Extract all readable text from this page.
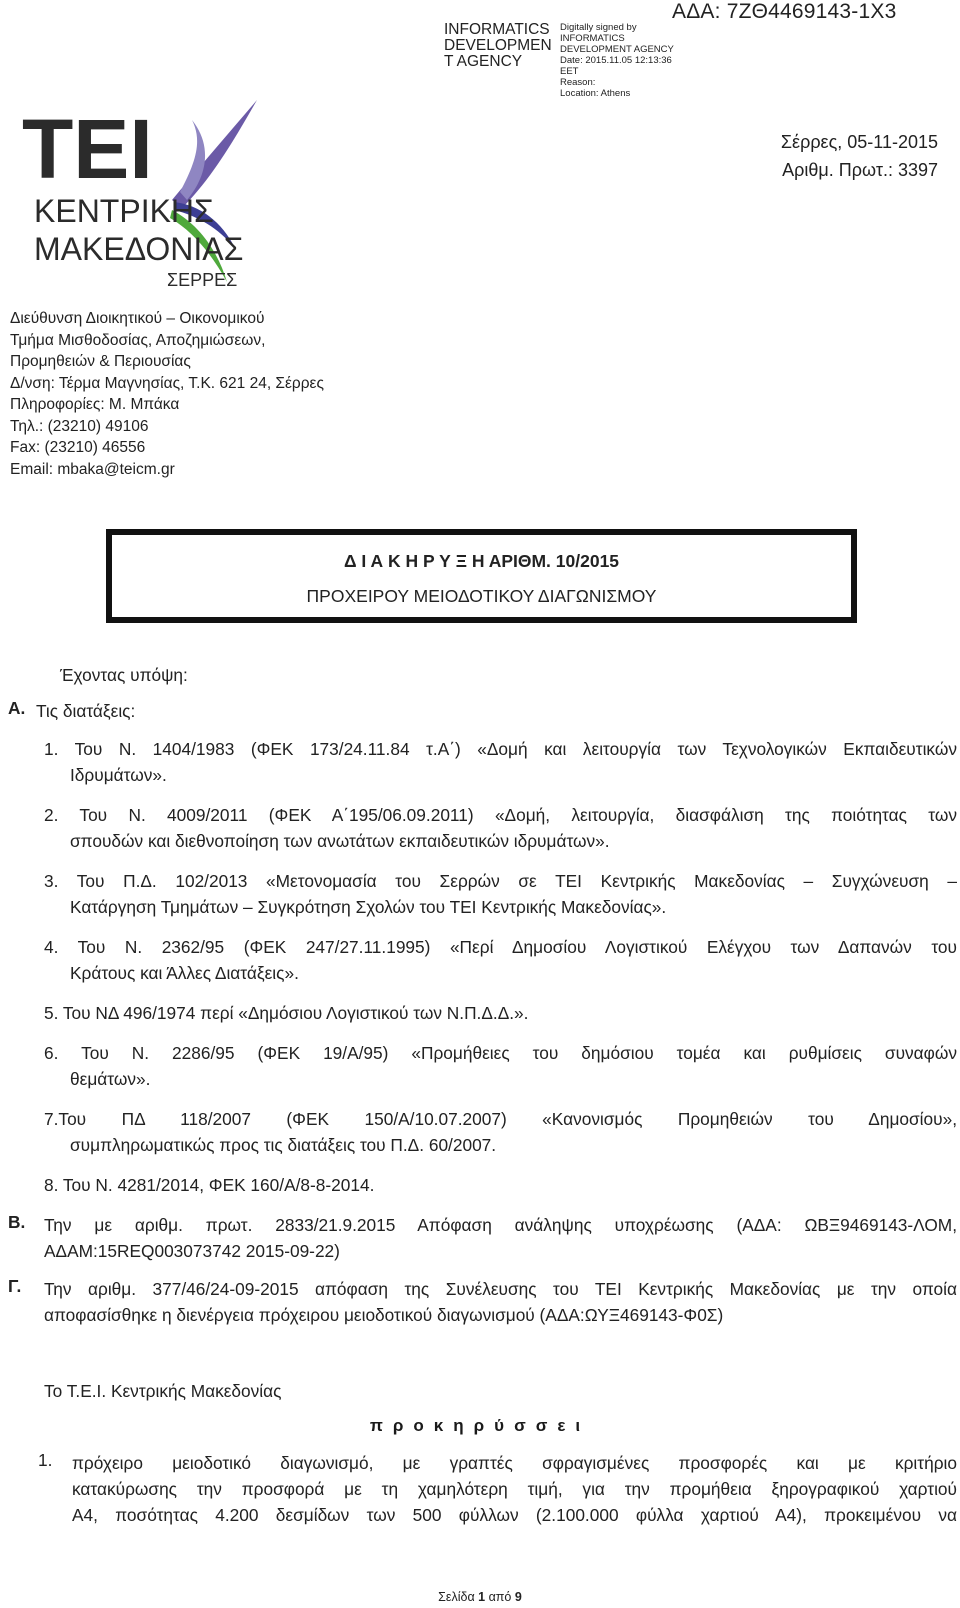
INFORMATICS
DEVELOPMEN
T AGENCY
Digitally signed by
INFORMATICS
DEVELOPMENT AGENCY
Date: 2015.11.05 12:13:36
EET
Reason:
Location: Athens
ΑΔΑ: 7ΖΘ4469143-1Χ3
ΤΕΙ
ΚΕΝΤΡΙΚΗΣ
ΜΑΚΕΔΟΝΙΑΣ
ΣΕΡΡΕΣ
Σέρρες, 05-11-2015
Αριθμ. Πρωτ.: 3397
Διεύθυνση Διοικητικού – Οικονομικού
Τμήμα Μισθοδοσίας, Αποζημιώσεων,
Προμηθειών & Περιουσίας
Δ/νση: Τέρμα Μαγνησίας, Τ.Κ. 621 24, Σέρρες
Πληροφορίες: Μ. Μπάκα
Τηλ.: (23210) 49106
Fax: (23210) 46556
Email: mbaka@teicm.gr
Δ Ι Α Κ Η Ρ Υ Ξ Η ΑΡΙΘΜ. 10/2015
ΠΡΟΧΕΙΡΟΥ ΜΕΙΟΔΟΤΙΚΟΥ ΔΙΑΓΩΝΙΣΜΟΥ
Έχοντας υπόψη:
Α. Τις διατάξεις:
1. Του Ν. 1404/1983 (ΦΕΚ 173/24.11.84 τ.Α΄) «Δομή και λειτουργία των Τεχνολογικών Εκπαιδευτικών
Ιδρυμάτων».
2. Του Ν. 4009/2011 (ΦΕΚ Α΄195/06.09.2011) «Δομή, λειτουργία, διασφάλιση της ποιότητας των
σπουδών και διεθνοποίηση των ανωτάτων εκπαιδευτικών ιδρυμάτων».
3. Του Π.Δ. 102/2013 «Μετονομασία του Σερρών σε ΤΕΙ Κεντρικής Μακεδονίας – Συγχώνευση –
Κατάργηση Τμημάτων – Συγκρότηση Σχολών του ΤΕΙ Κεντρικής Μακεδονίας».
4. Του Ν. 2362/95 (ΦΕΚ 247/27.11.1995) «Περί Δημοσίου Λογιστικού Ελέγχου των Δαπανών του
Κράτους και Άλλες Διατάξεις».
5. Του ΝΔ 496/1974 περί «Δημόσιου Λογιστικού των Ν.Π.Δ.Δ.».
6. Του Ν. 2286/95 (ΦΕΚ 19/Α/95) «Προμήθειες του δημόσιου τομέα και ρυθμίσεις συναφών
θεμάτων».
7.Του ΠΔ 118/2007 (ΦΕΚ 150/Α/10.07.2007) «Κανονισμός Προμηθειών του Δημοσίου»,
συμπληρωματικώς προς τις διατάξεις του Π.Δ. 60/2007.
8. Του Ν. 4281/2014, ΦΕΚ 160/Α/8-8-2014.
Β. Την με αριθμ. πρωτ. 2833/21.9.2015 Απόφαση ανάληψης υποχρέωσης (ΑΔΑ: ΩΒΞ9469143-ΛΟΜ,
ΑΔΑΜ:15REQ003073742 2015-09-22)
Γ. Την αριθμ. 377/46/24-09-2015 απόφαση της Συνέλευσης του ΤΕΙ Κεντρικής Μακεδονίας με την οποία
αποφασίσθηκε η διενέργεια πρόχειρου μειοδοτικού διαγωνισμού (ΑΔΑ:ΩΥΞ469143-Φ0Σ)
Το Τ.Ε.Ι. Κεντρικής Μακεδονίας
προκηρύσσει
1. πρόχειρο μειοδοτικό διαγωνισμό, με γραπτές σφραγισμένες προσφορές και με κριτήριο
κατακύρωσης την προσφορά με τη χαμηλότερη τιμή, για την προμήθεια ξηρογραφικού χαρτιού
Α4, ποσότητας 4.200 δεσμίδων των 500 φύλλων (2.100.000 φύλλα χαρτιού Α4), προκειμένου να
Σελίδα 1 από 9
